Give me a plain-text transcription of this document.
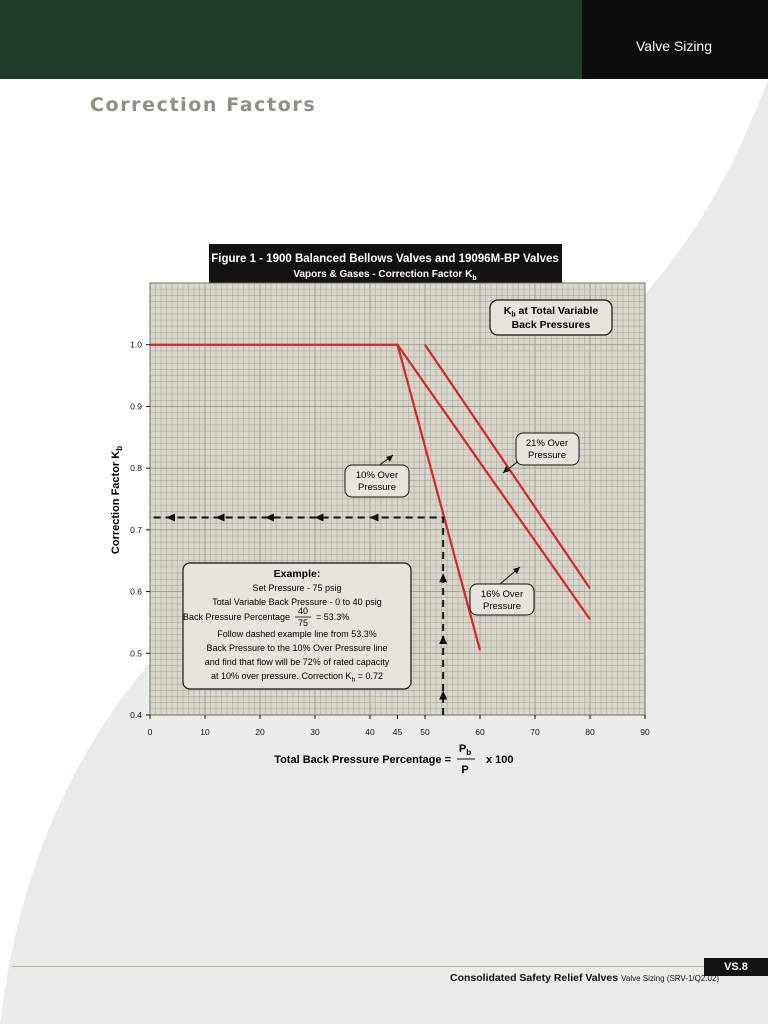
Valve Sizing
Correction Factors
Figure 1 - 1900 Balanced Bellows Valves and 19096M-BP Valves
Vapors & Gases - Correction Factor $K_b$
0	10	20	30	40 45 50	60	70	80	90
0.4
0.5
0.6
0.7
0.8
0.9
1.0
10% Over
Pressure
16% Over
Pressure
21% Over
Pressure
$K_b$ at Total Variable
Back Pressures
Example:
Set Pressure - 75 psig
Total Variable Back Pressure - 0 to 40 psig
Back Pressure Percentage
40
75
= 53.3%
Follow dashed example line from 53.3%
Back Pressure to the 10% Over Pressure line
and find that flow will be 72% of rated capacity
at 10% over pressure. Correction $K_b = 0.72$
Correction Factor $K_b$
Total Back Pressure Percentage =
$P_b$
P
x 100
VS.8
Consolidated Safety Relief Valves Valve Sizing (SRV-1/Q2.02)
